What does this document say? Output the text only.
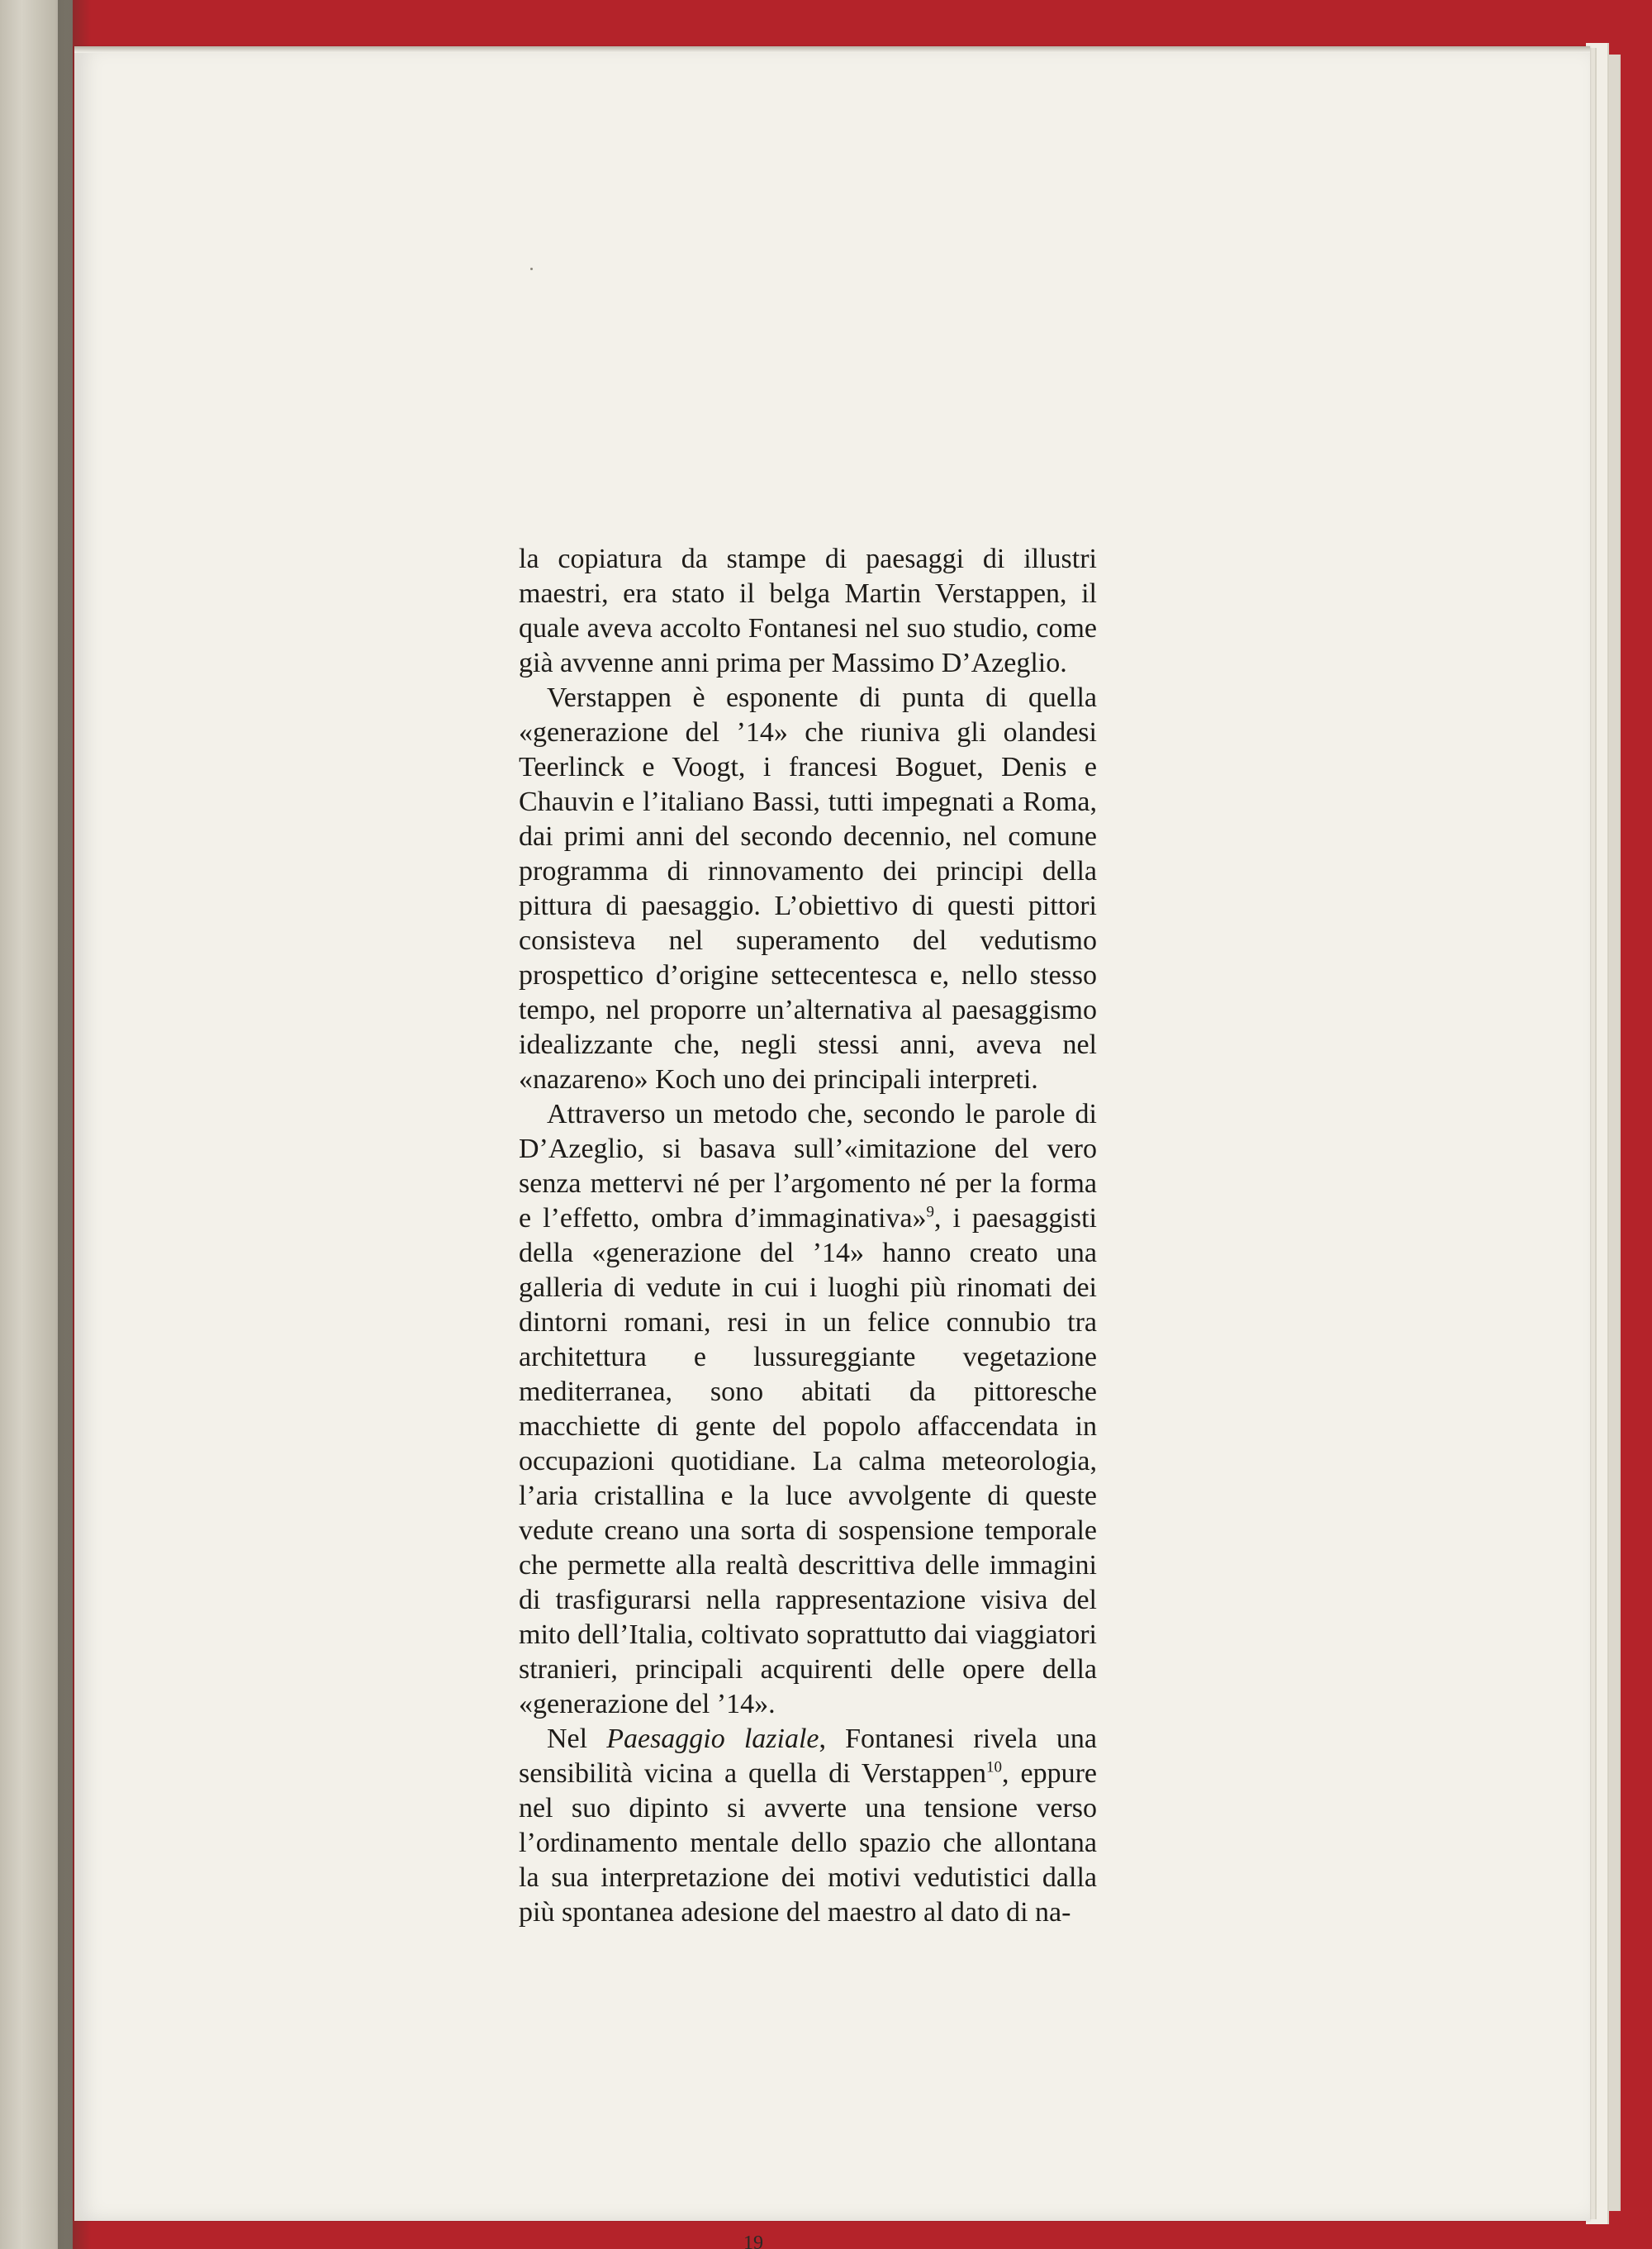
la copiatura da stampe di paesaggi di illustri maestri, era stato il belga Martin Verstappen, il quale aveva accolto Fontanesi nel suo studio, come già avvenne anni prima per Massimo D’Azeglio.

Verstappen è esponente di punta di quella «generazione del ’14» che riuniva gli olandesi Teerlinck e Voogt, i francesi Boguet, Denis e Chauvin e l’italiano Bassi, tutti impegnati a Roma, dai primi anni del secondo decennio, nel comune programma di rinnovamento dei principi della pittura di paesaggio. L’obiettivo di questi pittori consisteva nel superamento del vedutismo prospettico d’origine settecentesca e, nello stesso tempo, nel proporre un’alternativa al paesaggismo idealizzante che, negli stessi anni, aveva nel «nazareno» Koch uno dei principali interpreti.

Attraverso un metodo che, secondo le parole di D’Azeglio, si basava sull’«imitazione del vero senza mettervi né per l’argomento né per la forma e l’effetto, ombra d’immaginativa»$^9$, i paesaggisti della «generazione del ’14» hanno creato una galleria di vedute in cui i luoghi più rinomati dei dintorni romani, resi in un felice connubio tra architettura e lussureggiante vegetazione mediterranea, sono abitati da pittoresche macchiette di gente del popolo affaccendata in occupazioni quotidiane. La calma meteorologia, l’aria cristallina e la luce avvolgente di queste vedute creano una sorta di sospensione temporale che permette alla realtà descrittiva delle immagini di trasfigurarsi nella rappresentazione visiva del mito dell’Italia, coltivato soprattutto dai viaggiatori stranieri, principali acquirenti delle opere della «generazione del ’14».

Nel Paesaggio laziale, Fontanesi rivela una sensibilità vicina a quella di Verstappen$^{10}$, eppure nel suo dipinto si avverte una tensione verso l’ordinamento mentale dello spazio che allontana la sua interpretazione dei motivi vedutistici dalla più spontanea adesione del maestro al dato di na-

19
